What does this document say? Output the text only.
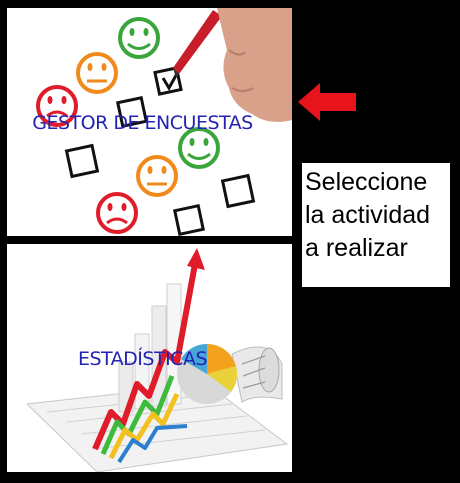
GESTOR DE ENCUESTAS
Seleccione
la actividad
a realizar
ESTADÍSTICAS
